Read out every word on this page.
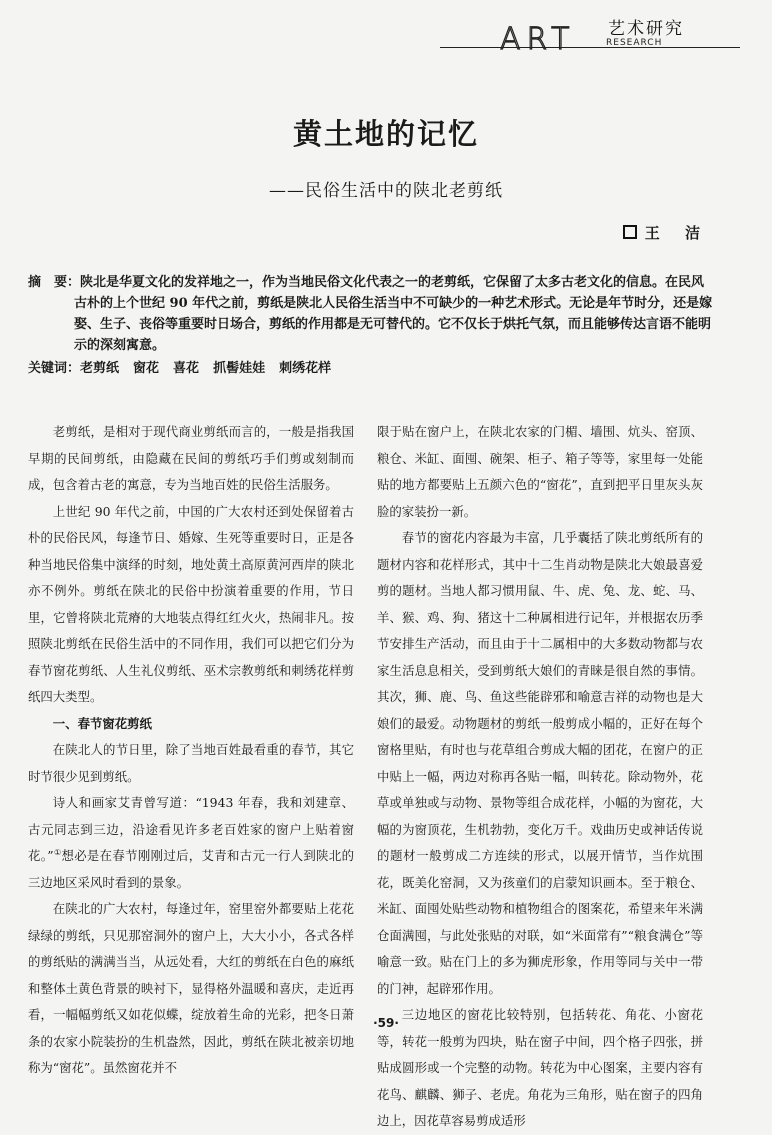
ART 艺术研究
RESEARCH
黄土地的记忆
——民俗生活中的陕北老剪纸
王 洁
摘　要：陕北是华夏文化的发祥地之一，作为当地民俗文化代表之一的老剪纸，它保留了太多古老文化的信息。在民风古朴的上个世纪 90 年代之前，剪纸是陕北人民俗生活当中不可缺少的一种艺术形式。无论是年节时分，还是嫁娶、生子、丧俗等重要时日场合，剪纸的作用都是无可替代的。它不仅长于烘托气氛，而且能够传达言语不能明示的深刻寓意。
关键词：老剪纸 窗花 喜花 抓髻娃娃 刺绣花样

老剪纸，是相对于现代商业剪纸而言的，一般是指我国早期的民间剪纸，由隐藏在民间的剪纸巧手们剪或刻制而成，包含着古老的寓意，专为当地百姓的民俗生活服务。

上世纪 90 年代之前，中国的广大农村还到处保留着古朴的民俗民风，每逢节日、婚嫁、生死等重要时日，正是各种当地民俗集中演绎的时刻，地处黄土高原黄河西岸的陕北亦不例外。剪纸在陕北的民俗中扮演着重要的作用，节日里，它曾将陕北荒瘠的大地装点得红红火火，热闹非凡。按照陕北剪纸在民俗生活中的不同作用，我们可以把它们分为春节窗花剪纸、人生礼仪剪纸、巫术宗教剪纸和刺绣花样剪纸四大类型。

一、春节窗花剪纸

在陕北人的节日里，除了当地百姓最看重的春节，其它时节很少见到剪纸。

诗人和画家艾青曾写道：“1943 年春，我和刘建章、古元同志到三边，沿途看见许多老百姓家的窗户上贴着窗花。”①想必是在春节刚刚过后，艾青和古元一行人到陕北的三边地区采风时看到的景象。

在陕北的广大农村，每逢过年，窑里窑外都要贴上花花绿绿的剪纸，只见那窑洞外的窗户上，大大小小，各式各样的剪纸贴的满满当当，从远处看，大红的剪纸在白色的麻纸和整体土黄色背景的映衬下，显得格外温暖和喜庆，走近再看，一幅幅剪纸又如花似蝶，绽放着生命的光彩，把冬日萧条的农家小院装扮的生机盎然，因此，剪纸在陕北被亲切地称为“窗花”。虽然窗花并不

限于贴在窗户上，在陕北农家的门楣、墙围、炕头、窑顶、粮仓、米缸、面囤、碗架、柜子、箱子等等，家里每一处能贴的地方都要贴上五颜六色的“窗花”，直到把平日里灰头灰脸的家装扮一新。

春节的窗花内容最为丰富，几乎囊括了陕北剪纸所有的题材内容和花样形式，其中十二生肖动物是陕北大娘最喜爱剪的题材。当地人都习惯用鼠、牛、虎、兔、龙、蛇、马、羊、猴、鸡、狗、猪这十二种属相进行记年，并根据农历季节安排生产活动，而且由于十二属相中的大多数动物都与农家生活息息相关，受到剪纸大娘们的青睐是很自然的事情。其次，狮、鹿、鸟、鱼这些能辟邪和喻意吉祥的动物也是大娘们的最爱。动物题材的剪纸一般剪成小幅的，正好在每个窗格里贴，有时也与花草组合剪成大幅的团花，在窗户的正中贴上一幅，两边对称再各贴一幅，叫转花。除动物外，花草或单独或与动物、景物等组合成花样，小幅的为窗花，大幅的为窗顶花，生机勃勃，变化万千。戏曲历史或神话传说的题材一般剪成二方连续的形式，以展开情节，当作炕围花，既美化窑洞，又为孩童们的启蒙知识画本。至于粮仓、米缸、面囤处贴些动物和植物组合的图案花，希望来年米满仓面满囤，与此处张贴的对联，如“米面常有”“粮食满仓”等喻意一致。贴在门上的多为狮虎形象，作用等同与关中一带的门神，起辟邪作用。

三边地区的窗花比较特别，包括转花、角花、小窗花等，转花一般剪为四块，贴在窗子中间，四个格子四张，拼贴成圆形或一个完整的动物。转花为中心图案，主要内容有花鸟、麒麟、狮子、老虎。角花为三角形，贴在窗子的四角边上，因花草容易剪成适形

·59·
